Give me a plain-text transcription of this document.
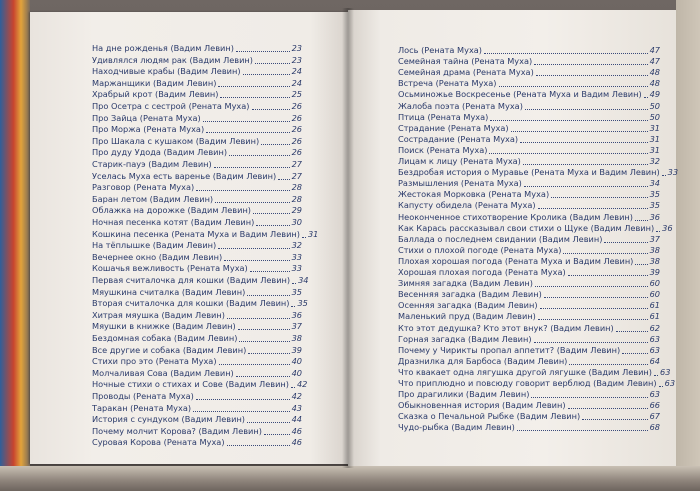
На дне рожденья
(Вадим Левин)	23
Удивлялся людям рак
(Вадим Левин)	23
Находчивые крабы
(Вадим Левин)	24
Маржанщики
(Вадим Левин)	24
Храбрый крот
(Вадим Левин)	25
Про Осетра с сестрой
(Рената Муха)	26
Про Зайца
(Рената Муха)	26
Про Моржа
(Рената Муха)	26
Про Шакала с кушаком
(Вадим Левин)	26
Про дуду Удода
(Вадим Левин)	26
Старик-пауэ
(Вадим Левин)	27
Уселась Муха есть варенье
(Вадим Левин) 27
Разговор
(Рената Муха)	28
Баран летом
(Вадим Левин)	28
Облажка на дорожке
(Вадим Левин)	29
Ночная песенка котят
(Вадим Левин)	30
Кошкина песенка
(Рената Муха и Вадим Левин) 31
На тёплышке
(Вадим Левин)	32
Вечернее окно
(Вадим Левин)	33
Кошачья вежливость
(Рената Муха)	33
Первая считалочка для кошки
(Вадим Левин) 34
Мяушкина считалка
(Вадим Левин)	35
Вторая считалочка для кошки
(Вадим Левин) 35
Хитрая мяушка
(Вадим Левин)	36
Мяушки в книжке
(Вадим Левин)	37
Бездомная собака
(Вадим Левин)	38
Все другие и собака
(Вадим Левин)	39
Стихи про это
(Рената Муха)	40
Молчаливая Сова
(Вадим Левин)	40
Ночные стихи о стихах и Сове
(Вадим Левин) 42
Проводы
(Рената Муха)	42
Таракан
(Рената Муха)	43
История с сундуком
(Вадим Левин)	44
Почему молчит Корова?
(Вадим Левин)	46
Суровая Корова
(Рената Муха)	46
Лось
(Рената Муха)	47
Семейная тайна
(Рената Муха)	47
Семейная драма
(Рената Муха)	48
Встреча
(Рената Муха)	48
Осьминожье Воскресенье
(Рената Муха и Вадим Левин) 49
Жалоба поэта
(Рената Муха)	50
Птица
(Рената Муха)	50
Страдание
(Рената Муха)	31
Сострадание
(Рената Муха)	31
Поиск
(Рената Муха)	31
Лицам к лицу
(Рената Муха)	32
Бездробая история о Муравье
(Рената Муха и Вадим Левин) 33
Размышления
(Рената Муха)	34
Жестокая Морковка
(Рената Муха)	35
Капусту обидела
(Рената Муха)	35
Неоконченное стихотворение Кролика
(Вадим Левин) 36
Как Карась рассказывал свои стихи о Щуке
(Вадим Левин) 36
Баллада о последнем свидании
(Вадим Левин)	37
Стихи о плохой погоде
(Рената Муха)	38
Плохая хорошая погода
(Рената Муха и Вадим Левин) 38
Хорошая плохая погода
(Рената Муха)	39
Зимняя загадка
(Вадим Левин)	60
Весенняя загадка
(Вадим Левин)	60
Осенняя загадка
(Вадим Левин)	61
Маленький пруд
(Вадим Левин)	61
Кто этот дедушка? Кто этот внук?
(Вадим Левин)	62
Горная загадка
(Вадим Левин)	63
Почему у Чирикты пропал аппетит?
(Вадим Левин)	63
Дразнилка для Барбоса
(Вадим Левин)	64
Что квакает одна лягушка другой лягушке
(Вадим Левин) 63
Что приплюдно и повсюду говорит верблюд
(Вадим Левин) 63
Про драгилики
(Вадим Левин)	63
Обыкновенная история
(Вадим Левин)	66
Сказка о Печальной Рыбке
(Вадим Левин)	67
Чудо-рыбка
(Вадим Левин)	68
